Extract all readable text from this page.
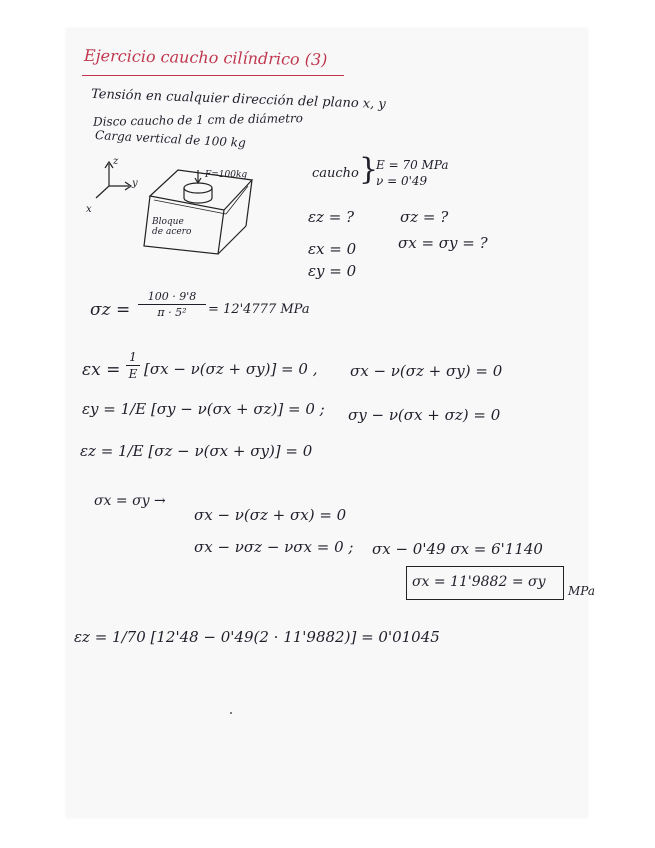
Ejercicio caucho cilíndrico (3)
Tensión en cualquier dirección del plano x, y
Disco caucho de 1 cm de diámetro
Carga vertical de 100 kg
z
y
x
F=100kg
Bloque
de acero
caucho }
E = 70 MPa
ν = 0'49
εz = ?	σz = ?
εx = 0	σx = σy = ?
εy = 0
σz =
100 · 9'8
π · 5²	= 12'4777 MPa
εx =
1
E [σx − ν(σz + σy)] = 0 , σx − ν(σz + σy) = 0
εy = 1/E [σy − ν(σx + σz)] = 0 ; σy − ν(σx + σz) = 0
εz = 1/E [σz − ν(σx + σy)] = 0
σx = σy →
σx − ν(σz + σx) = 0
σx − νσz − νσx = 0 ; σx − 0'49 σx = 6'1140
σx = 11'9882 = σy
MPa
εz = 1/70 [12'48 − 0'49(2 · 11'9882)] = 0'01045
